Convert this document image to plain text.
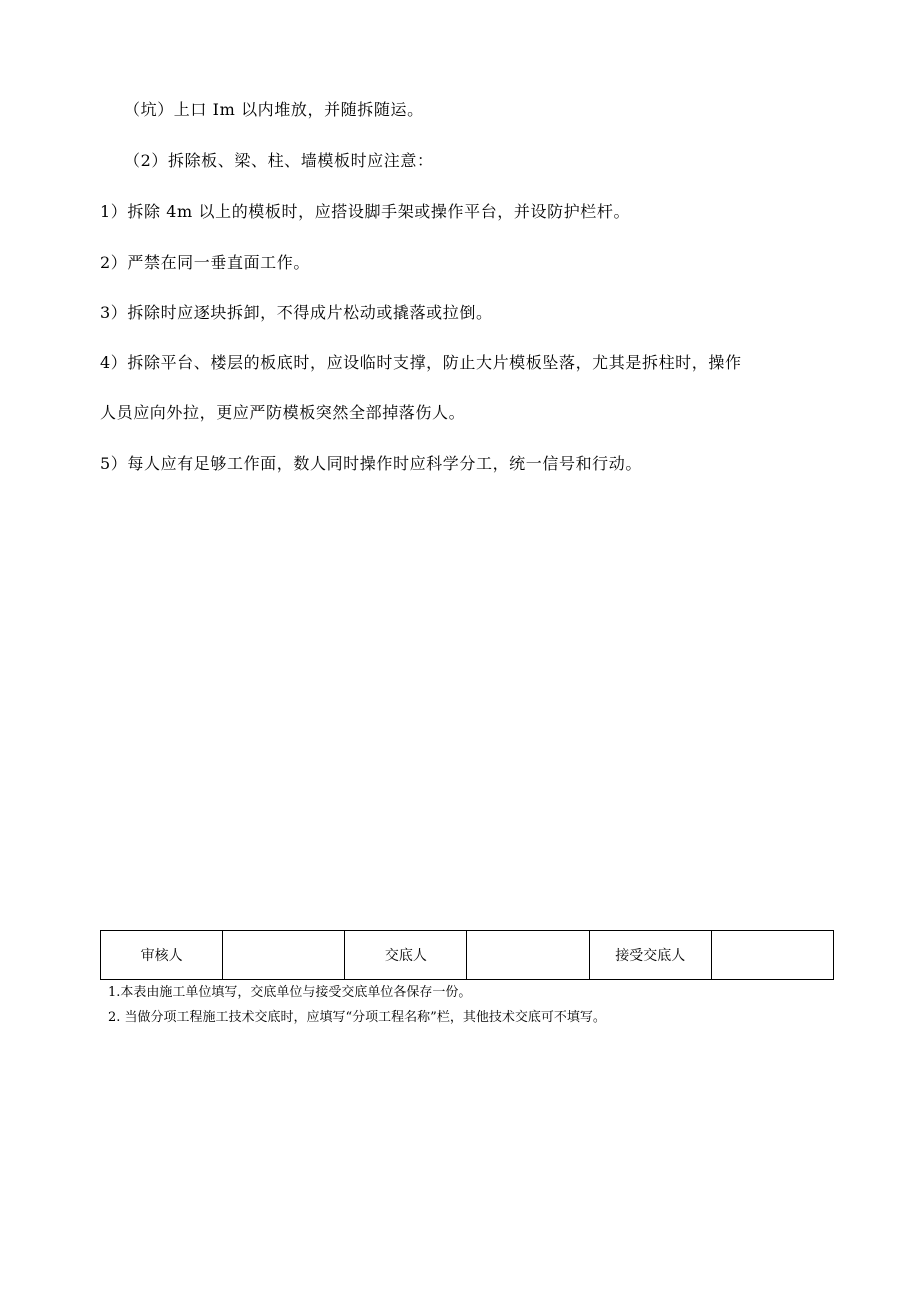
（坑）上口 Im 以内堆放，并随拆随运。
（2）拆除板、梁、柱、墙模板时应注意：
1）拆除 4m 以上的模板时，应搭设脚手架或操作平台，并设防护栏杆。
2）严禁在同一垂直面工作。
3）拆除时应逐块拆卸，不得成片松动或撬落或拉倒。
4）拆除平台、楼层的板底时，应设临时支撑，防止大片模板坠落，尤其是拆柱时，操作
人员应向外拉，更应严防模板突然全部掉落伤人。
5）每人应有足够工作面，数人同时操作时应科学分工，统一信号和行动。
审核人		交底人		接受交底人	
1.本表由施工单位填写，交底单位与接受交底单位各保存一份。
2. 当做分项工程施工技术交底时，应填写“分项工程名称”栏，其他技术交底可不填写。
